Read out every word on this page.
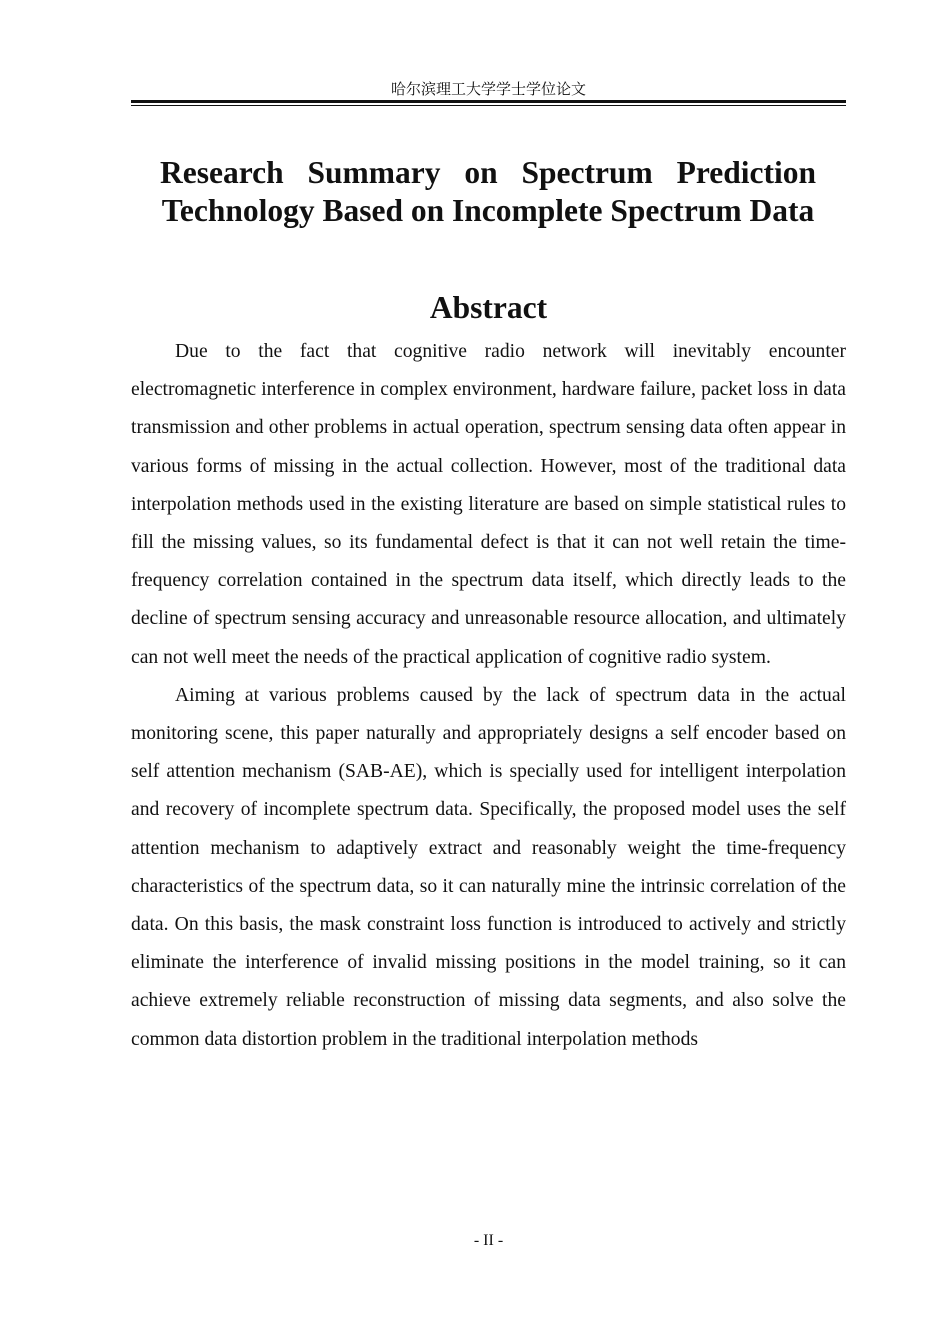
哈尔滨理工大学学士学位论文
Research Summary on Spectrum Prediction Technology Based on Incomplete Spectrum Data
Abstract

Due to the fact that cognitive radio network will inevitably encounter electromagnetic interference in complex environment, hardware failure, packet loss in data transmission and other problems in actual operation, spectrum sensing data often appear in various forms of missing in the actual collection. However, most of the traditional data interpolation methods used in the existing literature are based on simple statistical rules to fill the missing values, so its fundamental defect is that it can not well retain the time-frequency correlation contained in the spectrum data itself, which directly leads to the decline of spectrum sensing accuracy and unreasonable resource allocation, and ultimately can not well meet the needs of the practical application of cognitive radio system.

Aiming at various problems caused by the lack of spectrum data in the actual monitoring scene, this paper naturally and appropriately designs a self encoder based on self attention mechanism (SAB-AE), which is specially used for intelligent interpolation and recovery of incomplete spectrum data. Specifically, the proposed model uses the self attention mechanism to adaptively extract and reasonably weight the time-frequency characteristics of the spectrum data, so it can naturally mine the intrinsic correlation of the data. On this basis, the mask constraint loss function is introduced to actively and strictly eliminate the interference of invalid missing positions in the model training, so it can achieve extremely reliable reconstruction of missing data segments, and also solve the common data distortion problem in the traditional interpolation methods

- II -
